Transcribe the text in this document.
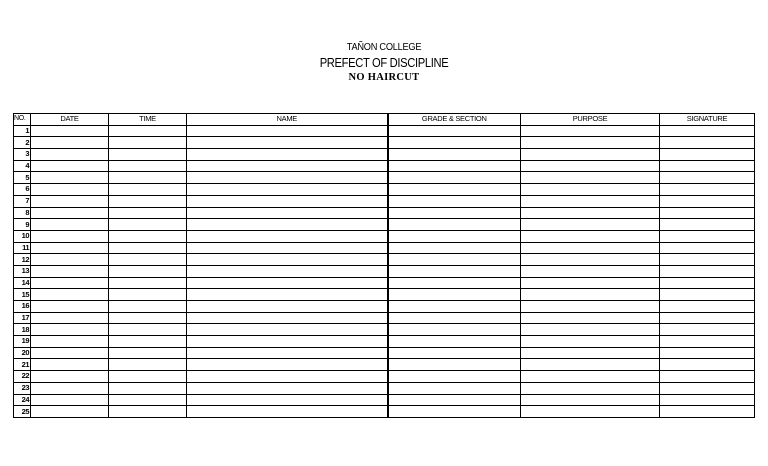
TAÑON COLLEGE
PREFECT OF DISCIPLINE
NO HAIRCUT
NO.	DATE	TIME	NAME	GRADE & SECTION	PURPOSE	SIGNATURE
1						
2						
3						
4						
5						
6						
7						
8						
9						
10						
11						
12						
13						
14						
15						
16						
17						
18						
19						
20						
21						
22						
23						
24						
25						
